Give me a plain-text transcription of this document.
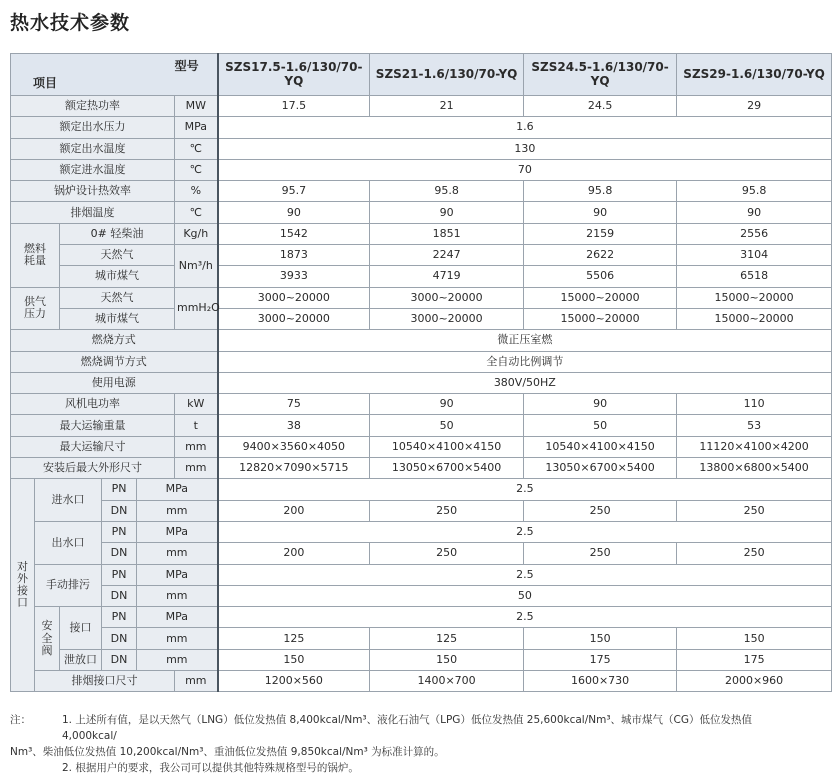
热水技术参数
型号
项目						SZS17.5-1.6/130/70-YQ	SZS21-1.6/130/70-YQ	SZS24.5-1.6/130/70-YQ	SZS29-1.6/130/70-YQ
额定热功率					MW	17.5	21	24.5	29
额定出水压力					MPa	1.6			
额定出水温度					℃	130			
额定进水温度					℃	70			
锅炉设计热效率					%	95.7	95.8	95.8	95.8
排烟温度					℃	90	90	90	90
燃料耗量		0# 轻柴油			Kg/h	1542	1851	2159	2556
		天然气			Nm³/h	1873	2247	2622	3104
		城市煤气				3933	4719	5506	6518
供气压力		天然气			mmH₂O	3000~20000	3000~20000	15000~20000	15000~20000
		城市煤气				3000~20000	3000~20000	15000~20000	15000~20000
燃烧方式						微正压室燃			
燃烧调节方式						全自动比例调节			
使用电源						380V/50HZ			
风机电功率					kW	75	90	90	110
最大运输重量					t	38	50	50	53
最大运输尺寸					mm	9400×3560×4050	10540×4100×4150	10540×4100×4150	11120×4100×4200
安装后最大外形尺寸					mm	12820×7090×5715	13050×6700×5400	13050×6700×5400	13800×6800×5400
对外接口	进水口		PN	MPa		2.5			
			DN	mm		200	250	250	250
	出水口		PN	MPa		2.5			
			DN	mm		200	250	250	250
	手动排污		PN	MPa		2.5			
			DN	mm		50			
	安全阀	接口	PN	MPa		2.5			
			DN	mm		125	125	150	150
		泄放口	DN	mm		150	150	175	175
	排烟接口尺寸				mm	1200×560	1400×700	1600×730	2000×960
注：	1. 上述所有值，是以天然气（LNG）低位发热值 8,400kcal/Nm³、液化石油气（LPG）低位发热值 25,600kcal/Nm³、城市煤气（CG）低位发热值 4,000kcal/
Nm³、柴油低位发热值 10,200kcal/Nm³、重油低位发热值 9,850kcal/Nm³ 为标准计算的。
2. 根据用户的要求，我公司可以提供其他特殊规格型号的锅炉。
